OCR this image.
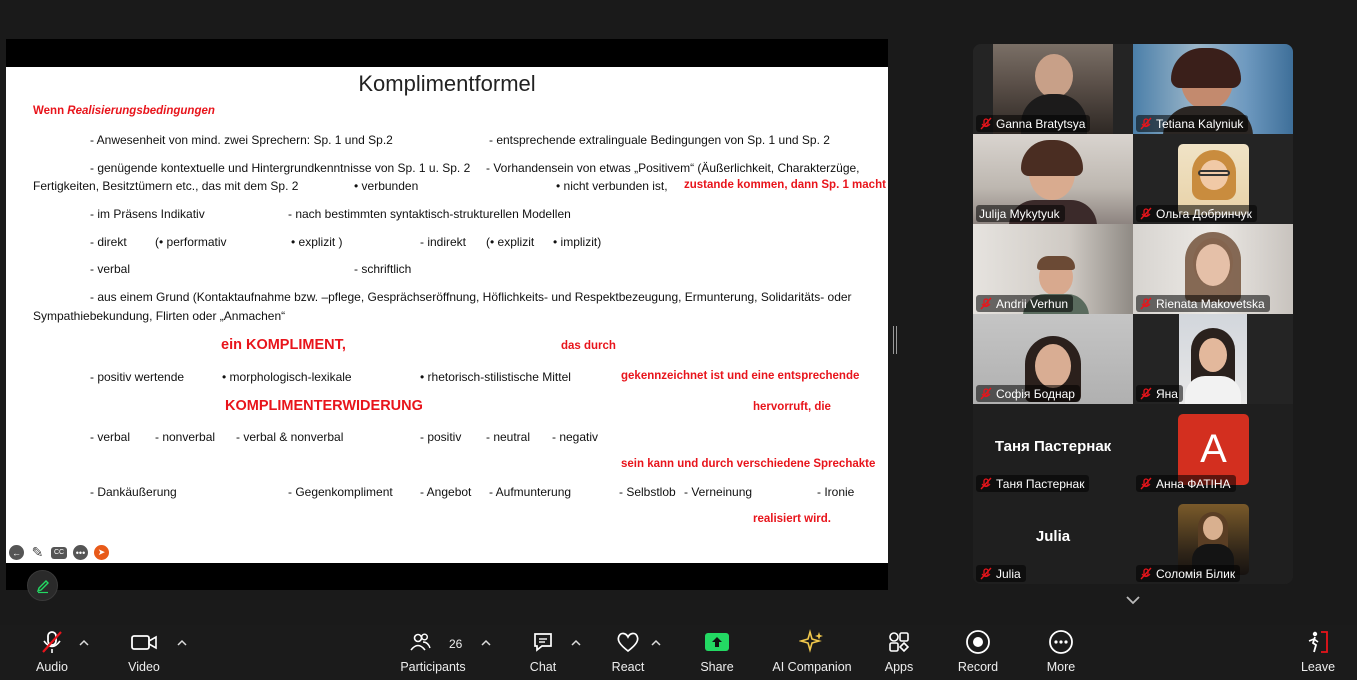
Komplimentformel
Wenn Realisierungsbedingungen
- Anwesenheit von mind. zwei Sprechern: Sp. 1 und Sp.2	- entsprechende extralinguale Bedingungen von Sp. 1 und Sp. 2
- genügende kontextuelle und Hintergrundkenntnisse von Sp. 1 u. Sp. 2 - Vorhandensein von etwas „Positivem“ (Äußerlichkeit, Charakterzüge,
Fertigkeiten, Besitztümern etc., das mit dem Sp. 2	• verbunden	• nicht verbunden ist, zustande kommen, dann Sp. 1 macht
- im Präsens Indikativ	- nach bestimmten syntaktisch-strukturellen Modellen
- direkt (• performativ	• explizit )	- indirekt (• explizit • implizit)
- verbal	- schriftlich
- aus einem Grund (Kontaktaufnahme bzw. –pflege, Gesprächseröffnung, Höflichkeits- und Respektbezeugung, Ermunterung, Solidaritäts- oder
Sympathiebekundung, Flirten oder „Anmachen“
ein KOMPLIMENT,	das durch
- positiv wertende	• morphologisch-lexikale	• rhetorisch-stilistische Mittel	gekennzeichnet ist und eine entsprechende
KOMPLIMENTERWIDERUNG	hervorruft, die
- verbal - nonverbal - verbal & nonverbal	- positiv - neutral - negativ
sein kann und durch verschiedene Sprechakte
- Dankäußerung	- Gegenkompliment - Angebot - Aufmunterung	- Selbstlob - Verneinung	- Ironie
realisiert wird.
← ✎	CC	•••	➤
Ganna Bratytsya	Tetiana Kalyniuk
Julija Mykytyuk	Ольга Добринчук
Andrii Verhun	Rienata Makovetska
Софія Боднар	Яна
Таня Пастернак
Таня Пастернак
A
Анна ФАТІНА
Julia
Julia	Соломія Білик
Audio	Video
26
Participants	Chat	React	Share	AI Companion	Apps	Record	More	Leave
